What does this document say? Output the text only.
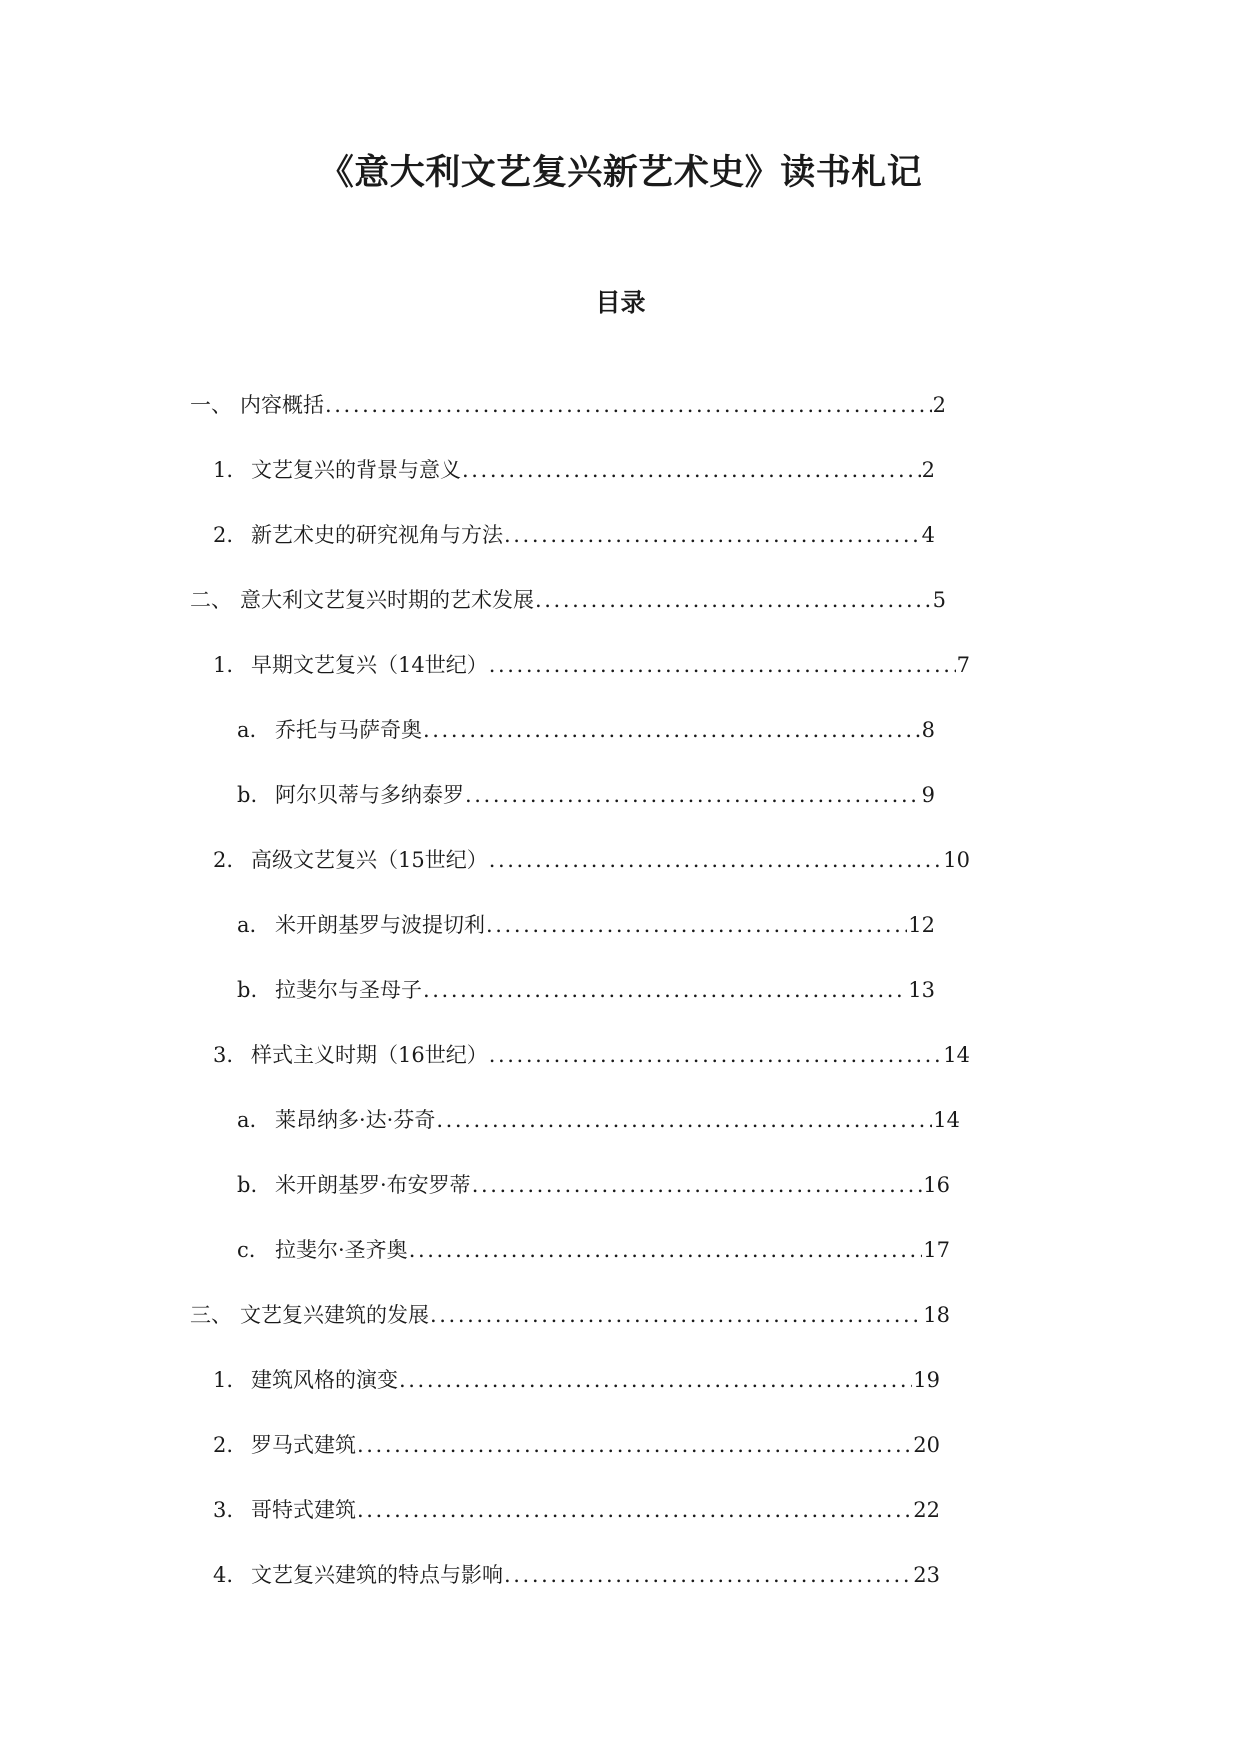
《意大利文艺复兴新艺术史》读书札记
目录
一、 内容概括 .....	2
1. 文艺复兴的背景与意义 .....	2
2. 新艺术史的研究视角与方法 .....	4
二、 意大利文艺复兴时期的艺术发展 .....	5
1. 早期文艺复兴（14世纪） .....	7
a. 乔托与马萨奇奥 .....	8
b. 阿尔贝蒂与多纳泰罗 .....	9
2. 高级文艺复兴（15世纪） .....	10
a. 米开朗基罗与波提切利 .....	12
b. 拉斐尔与圣母子 .....	13
3. 样式主义时期（16世纪） .....	14
a. 莱昂纳多·达·芬奇 .....	14
b. 米开朗基罗·布安罗蒂 .....	16
c. 拉斐尔·圣齐奥 .....	17
三、 文艺复兴建筑的发展 .....	18
1. 建筑风格的演变 .....	19
2. 罗马式建筑 .....	20
3. 哥特式建筑 .....	22
4. 文艺复兴建筑的特点与影响 .....	23
